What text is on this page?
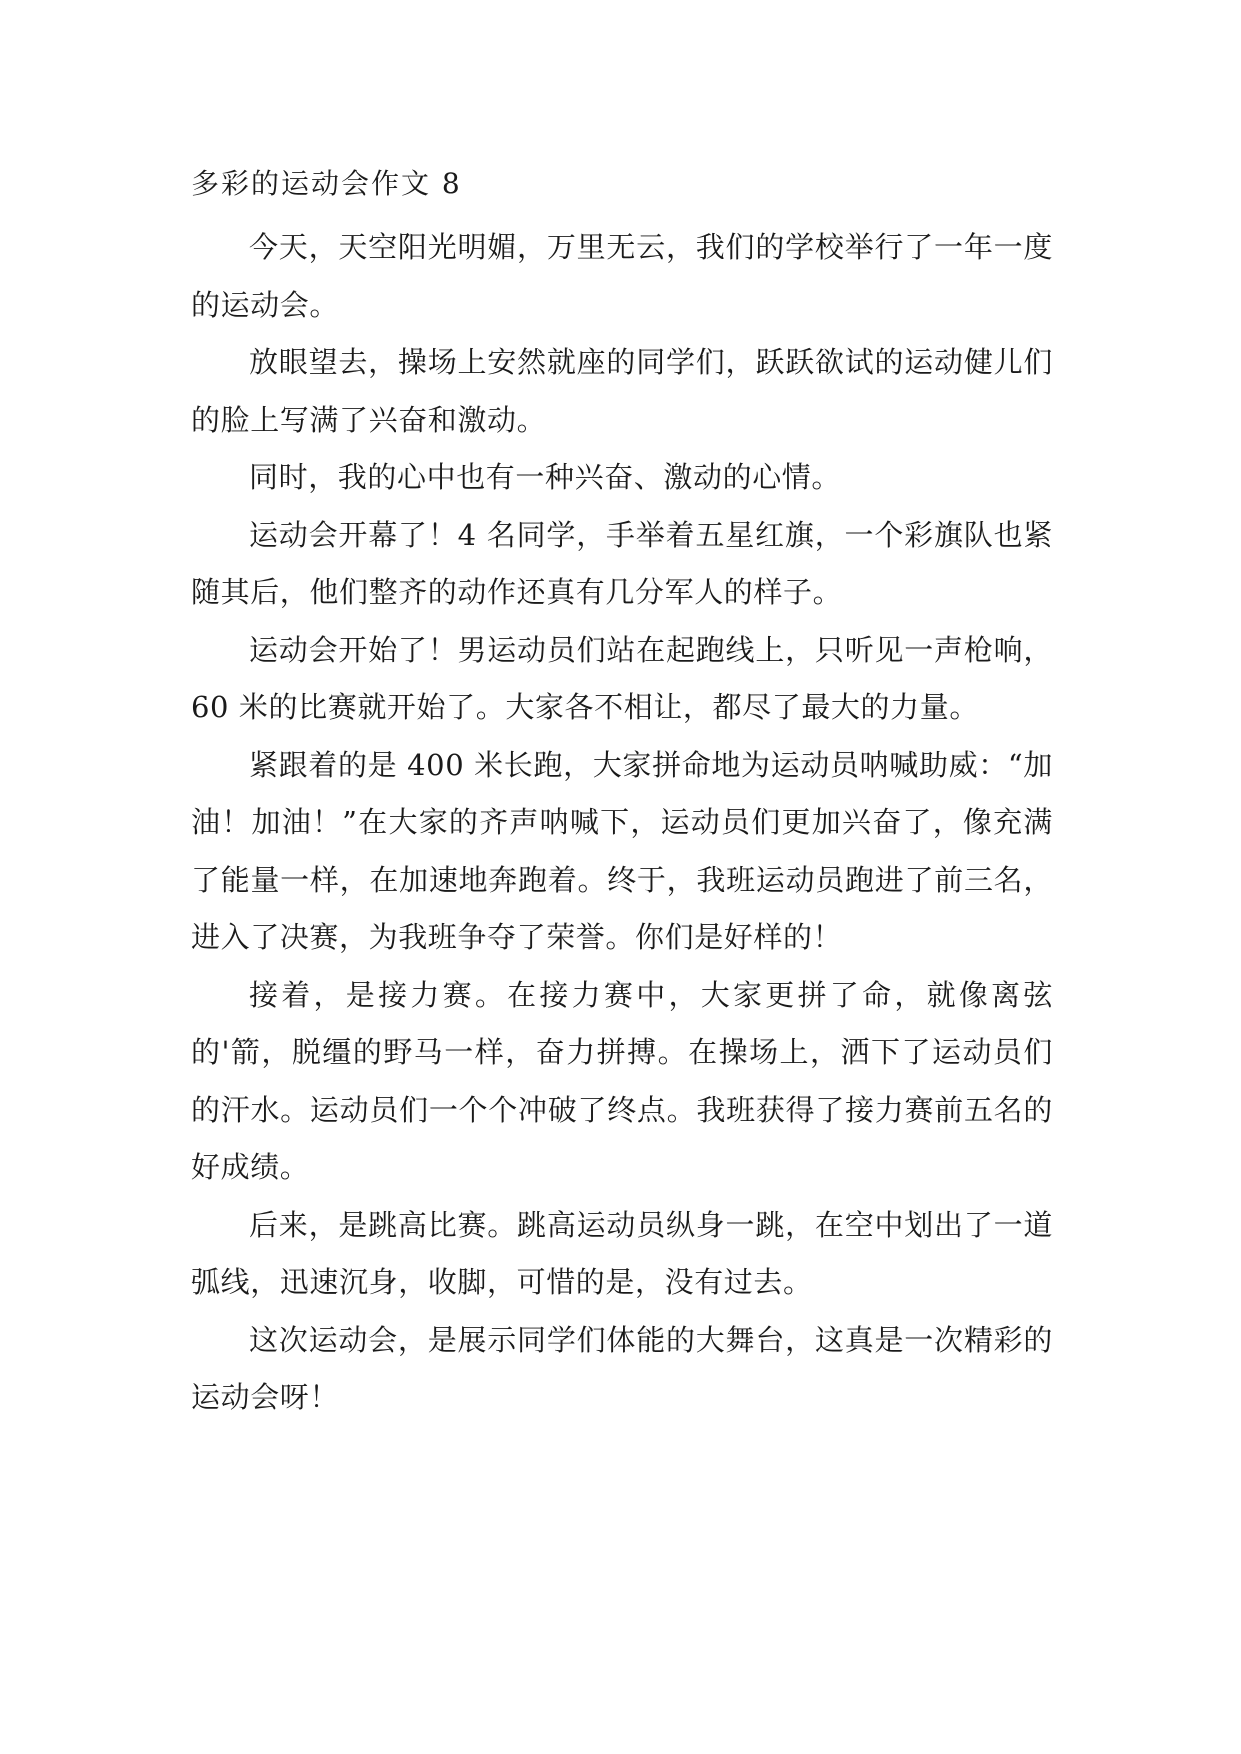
多彩的运动会作文 8

今天，天空阳光明媚，万里无云，我们的学校举行了一年一度的运动会。

放眼望去，操场上安然就座的同学们，跃跃欲试的运动健儿们的脸上写满了兴奋和激动。

同时，我的心中也有一种兴奋、激动的心情。

运动会开幕了！4 名同学，手举着五星红旗，一个彩旗队也紧随其后，他们整齐的动作还真有几分军人的样子。

运动会开始了！男运动员们站在起跑线上，只听见一声枪响，60 米的比赛就开始了。大家各不相让，都尽了最大的力量。

紧跟着的是 400 米长跑，大家拼命地为运动员呐喊助威：“加油！加油！”在大家的齐声呐喊下，运动员们更加兴奋了，像充满了能量一样，在加速地奔跑着。终于，我班运动员跑进了前三名，进入了决赛，为我班争夺了荣誉。你们是好样的！

接着，是接力赛。在接力赛中，大家更拼了命，就像离弦的'箭，脱缰的野马一样，奋力拼搏。在操场上，洒下了运动员们的汗水。运动员们一个个冲破了终点。我班获得了接力赛前五名的好成绩。

后来，是跳高比赛。跳高运动员纵身一跳，在空中划出了一道弧线，迅速沉身，收脚，可惜的是，没有过去。

这次运动会，是展示同学们体能的大舞台，这真是一次精彩的运动会呀！
